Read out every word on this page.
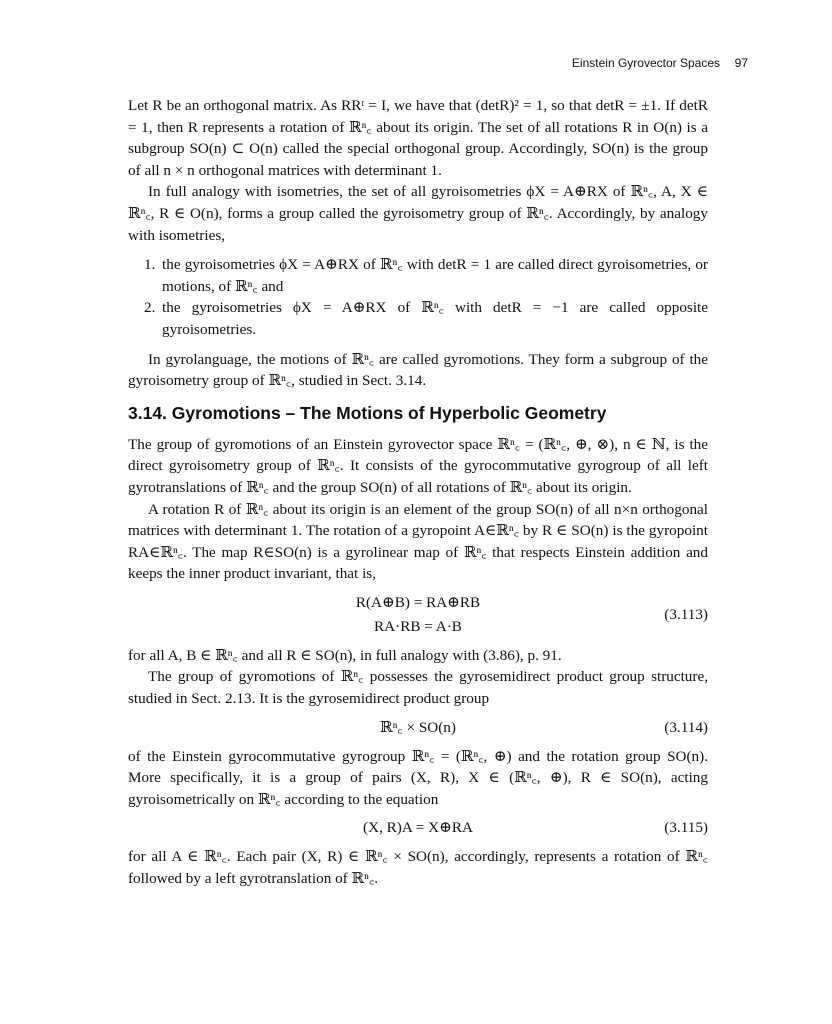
Einstein Gyrovector Spaces 97

Let R be an orthogonal matrix. As RRᵗ = I, we have that (detR)² = 1, so that detR = ±1. If detR = 1, then R represents a rotation of ℝⁿ꜀ about its origin. The set of all rotations R in O(n) is a subgroup SO(n) ⊂ O(n) called the special orthogonal group. Accordingly, SO(n) is the group of all n × n orthogonal matrices with determinant 1.

In full analogy with isometries, the set of all gyroisometries ϕX = A⊕RX of ℝⁿ꜀, A, X ∈ ℝⁿ꜀, R ∈ O(n), forms a group called the gyroisometry group of ℝⁿ꜀. Accordingly, by analogy with isometries,

1. the gyroisometries ϕX = A⊕RX of ℝⁿ꜀ with detR = 1 are called direct gyroisometries, or motions, of ℝⁿ꜀ and
2. the gyroisometries ϕX = A⊕RX of ℝⁿ꜀ with detR = −1 are called opposite gyroisometries.

In gyrolanguage, the motions of ℝⁿ꜀ are called gyromotions. They form a subgroup of the gyroisometry group of ℝⁿ꜀, studied in Sect. 3.14.

3.14. Gyromotions – The Motions of Hyperbolic Geometry

The group of gyromotions of an Einstein gyrovector space ℝⁿ꜀ = (ℝⁿ꜀, ⊕, ⊗), n ∈ ℕ, is the direct gyroisometry group of ℝⁿ꜀. It consists of the gyrocommutative gyrogroup of all left gyrotranslations of ℝⁿ꜀ and the group SO(n) of all rotations of ℝⁿ꜀ about its origin.

A rotation R of ℝⁿ꜀ about its origin is an element of the group SO(n) of all n×n orthogonal matrices with determinant 1. The rotation of a gyropoint A∈ℝⁿ꜀ by R ∈ SO(n) is the gyropoint RA∈ℝⁿ꜀. The map R∈SO(n) is a gyrolinear map of ℝⁿ꜀ that respects Einstein addition and keeps the inner product invariant, that is,

R(A⊕B) = RA⊕RB
RA·RB = A·B
(3.113)

for all A, B ∈ ℝⁿ꜀ and all R ∈ SO(n), in full analogy with (3.86), p. 91.

The group of gyromotions of ℝⁿ꜀ possesses the gyrosemidirect product group structure, studied in Sect. 2.13. It is the gyrosemidirect product group

ℝⁿ꜀ × SO(n)	(3.114)

of the Einstein gyrocommutative gyrogroup ℝⁿ꜀ = (ℝⁿ꜀, ⊕) and the rotation group SO(n). More specifically, it is a group of pairs (X, R), X ∈ (ℝⁿ꜀, ⊕), R ∈ SO(n), acting gyroisometrically on ℝⁿ꜀ according to the equation

(X, R)A = X⊕RA	(3.115)

for all A ∈ ℝⁿ꜀. Each pair (X, R) ∈ ℝⁿ꜀ × SO(n), accordingly, represents a rotation of ℝⁿ꜀ followed by a left gyrotranslation of ℝⁿ꜀.
